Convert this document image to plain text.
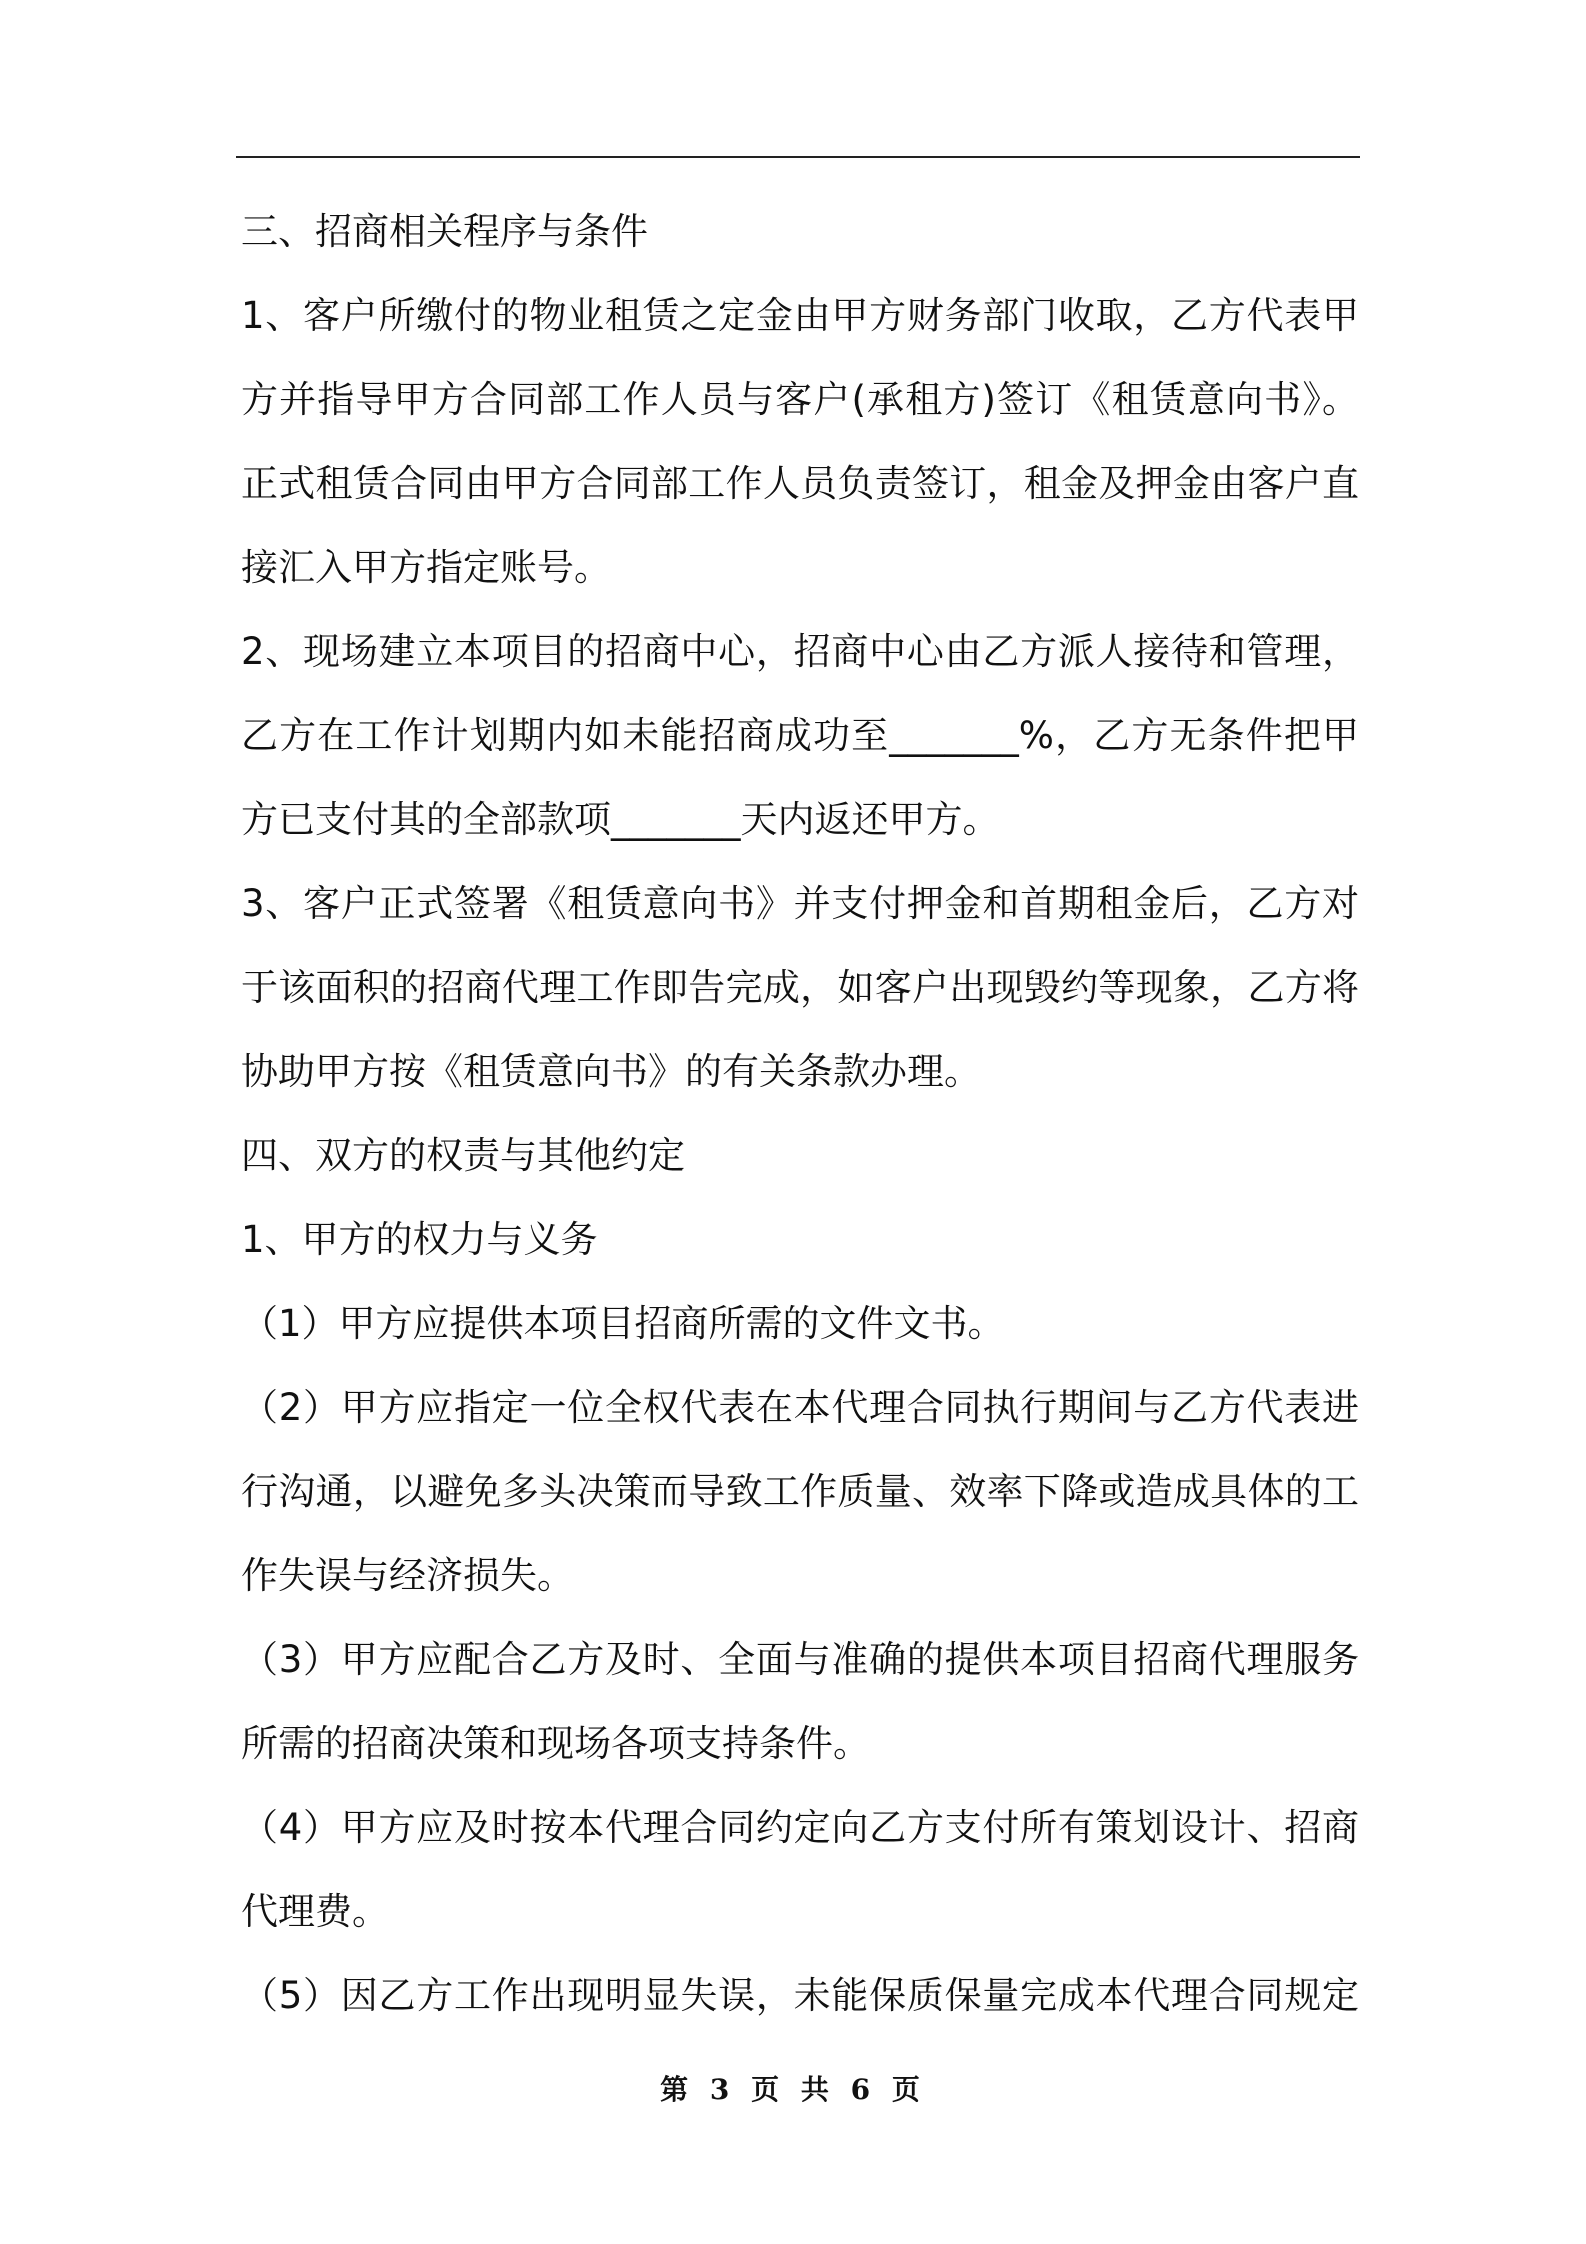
三、招商相关程序与条件
1、客户所缴付的物业租赁之定金由甲方财务部门收取，乙方代表甲
方并指导甲方合同部工作人员与客户(承租方)签订《租赁意向书》。
正式租赁合同由甲方合同部工作人员负责签订，租金及押金由客户直
接汇入甲方指定账号。
2、现场建立本项目的招商中心，招商中心由乙方派人接待和管理，
乙方在工作计划期内如未能招商成功至_______%，乙方无条件把甲
方已支付其的全部款项_______天内返还甲方。
3、客户正式签署《租赁意向书》并支付押金和首期租金后，乙方对
于该面积的招商代理工作即告完成，如客户出现毁约等现象，乙方将
协助甲方按《租赁意向书》的有关条款办理。
四、双方的权责与其他约定
1、甲方的权力与义务
（1）甲方应提供本项目招商所需的文件文书。
（2）甲方应指定一位全权代表在本代理合同执行期间与乙方代表进
行沟通，以避免多头决策而导致工作质量、效率下降或造成具体的工
作失误与经济损失。
（3）甲方应配合乙方及时、全面与准确的提供本项目招商代理服务
所需的招商决策和现场各项支持条件。
（4）甲方应及时按本代理合同约定向乙方支付所有策划设计、招商
代理费。
（5）因乙方工作出现明显失误，未能保质保量完成本代理合同规定
第 3 页 共 6 页
